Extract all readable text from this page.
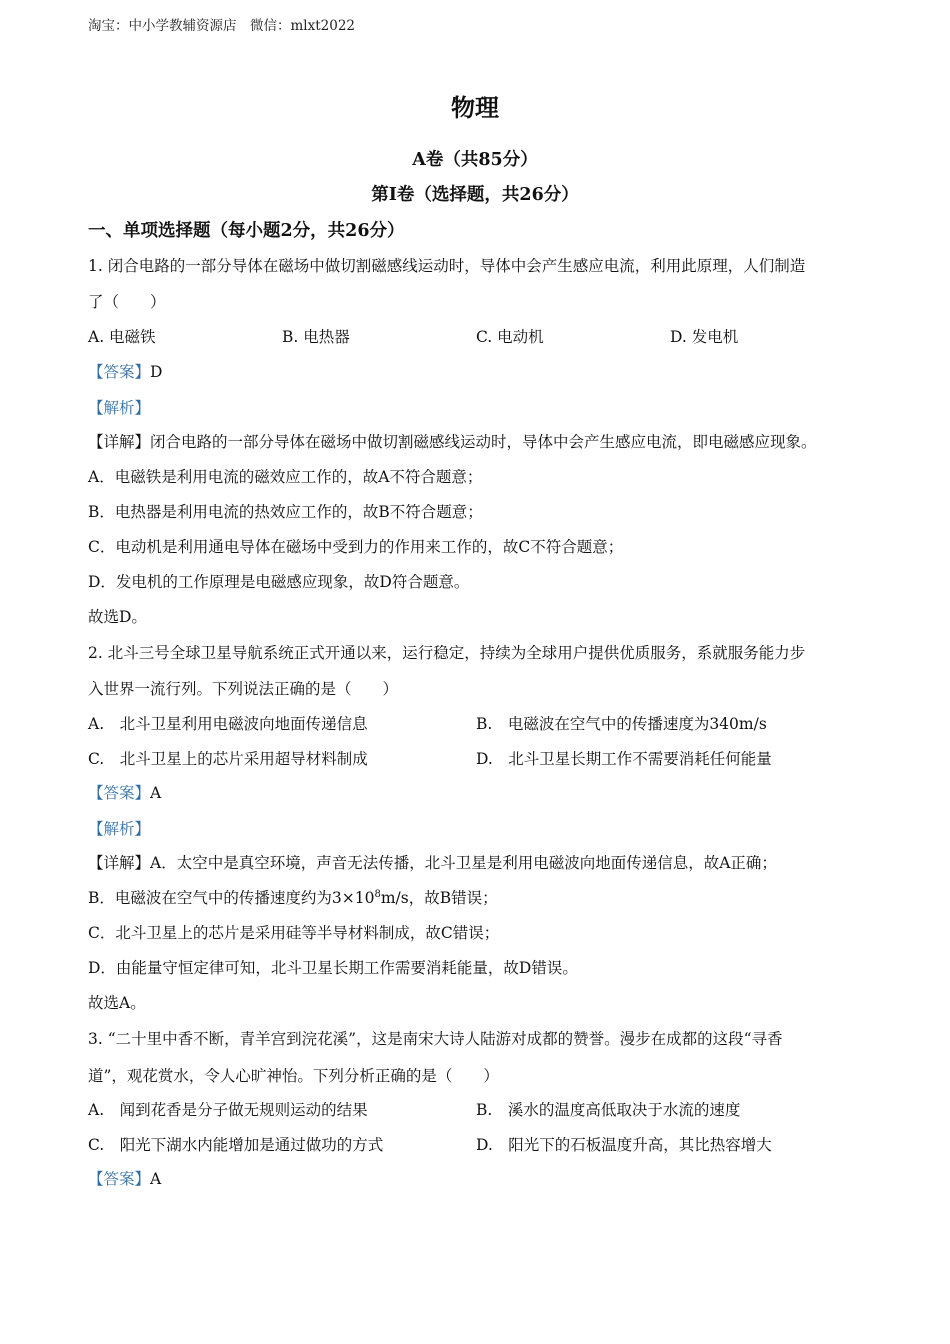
淘宝：中小学教辅资源店　微信：mlxt2022
物理
A卷（共85分）
第Ⅰ卷（选择题，共26分）
一、单项选择题（每小题2分，共26分）
1. 闭合电路的一部分导体在磁场中做切割磁感线运动时，导体中会产生感应电流，利用此原理，人们制造
了（　　）
A. 电磁铁	B. 电热器	C. 电动机	D. 发电机
【答案】D
【解析】
【详解】闭合电路的一部分导体在磁场中做切割磁感线运动时，导体中会产生感应电流，即电磁感应现象。
A．电磁铁是利用电流的磁效应工作的，故A不符合题意；
B．电热器是利用电流的热效应工作的，故B不符合题意；
C．电动机是利用通电导体在磁场中受到力的作用来工作的，故C不符合题意；
D．发电机的工作原理是电磁感应现象，故D符合题意。
故选D。
2. 北斗三号全球卫星导航系统正式开通以来，运行稳定，持续为全球用户提供优质服务，系就服务能力步
入世界一流行列。下列说法正确的是（　　）
A.　北斗卫星利用电磁波向地面传递信息	B.　电磁波在空气中的传播速度为340m/s
C.　北斗卫星上的芯片采用超导材料制成	D.　北斗卫星长期工作不需要消耗任何能量
【答案】A
【解析】
【详解】A．太空中是真空环境，声音无法传播，北斗卫星是利用电磁波向地面传递信息，故A正确；
B．电磁波在空气中的传播速度约为$3\times 10^8m/s$，故B错误；
C．北斗卫星上的芯片是采用硅等半导材料制成，故C错误；
D．由能量守恒定律可知，北斗卫星长期工作需要消耗能量，故D错误。
故选A。
3. “二十里中香不断，青羊宫到浣花溪”，这是南宋大诗人陆游对成都的赞誉。漫步在成都的这段“寻香
道”，观花赏水，令人心旷神怡。下列分析正确的是（　　）
A.　闻到花香是分子做无规则运动的结果	B.　溪水的温度高低取决于水流的速度
C.　阳光下湖水内能增加是通过做功的方式	D.　阳光下的石板温度升高，其比热容增大
【答案】A
